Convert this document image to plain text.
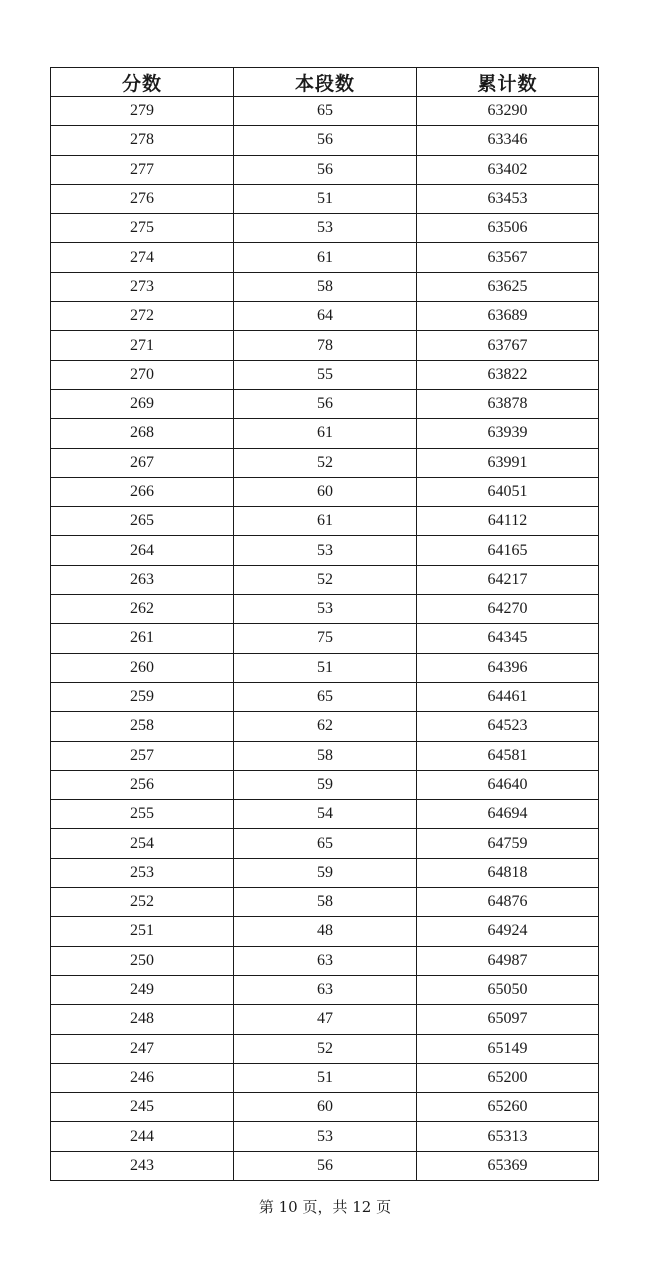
分数	本段数	累计数
279	65	63290
278	56	63346
277	56	63402
276	51	63453
275	53	63506
274	61	63567
273	58	63625
272	64	63689
271	78	63767
270	55	63822
269	56	63878
268	61	63939
267	52	63991
266	60	64051
265	61	64112
264	53	64165
263	52	64217
262	53	64270
261	75	64345
260	51	64396
259	65	64461
258	62	64523
257	58	64581
256	59	64640
255	54	64694
254	65	64759
253	59	64818
252	58	64876
251	48	64924
250	63	64987
249	63	65050
248	47	65097
247	52	65149
246	51	65200
245	60	65260
244	53	65313
243	56	65369
第 10 页，共 12 页
